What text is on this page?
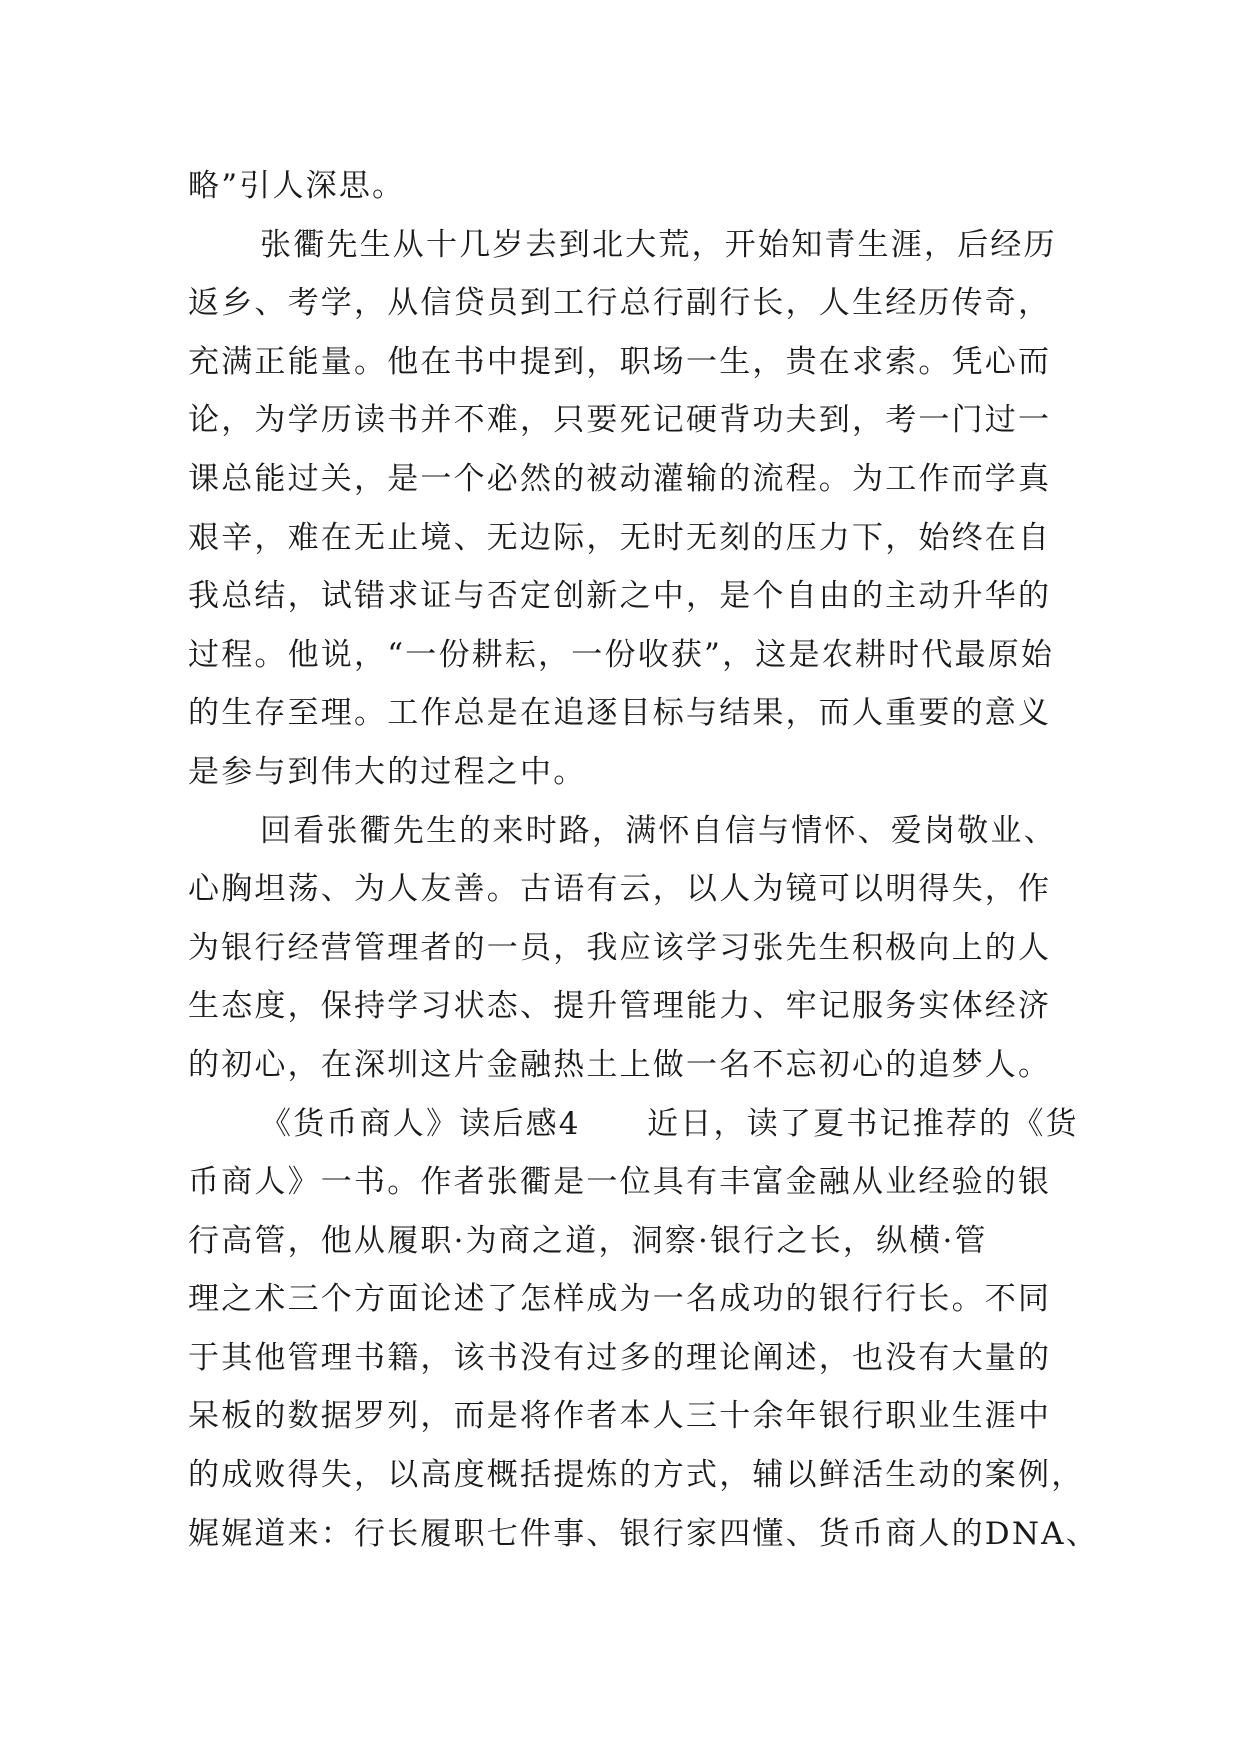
略”引人深思。
张衢先生从十几岁去到北大荒，开始知青生涯，后经历
返乡、考学，从信贷员到工行总行副行长，人生经历传奇，
充满正能量。他在书中提到，职场一生，贵在求索。凭心而
论，为学历读书并不难，只要死记硬背功夫到，考一门过一
课总能过关，是一个必然的被动灌输的流程。为工作而学真
艰辛，难在无止境、无边际，无时无刻的压力下，始终在自
我总结，试错求证与否定创新之中，是个自由的主动升华的
过程。他说，“一份耕耘，一份收获”，这是农耕时代最原始
的生存至理。工作总是在追逐目标与结果，而人重要的意义
是参与到伟大的过程之中。
回看张衢先生的来时路，满怀自信与情怀、爱岗敬业、
心胸坦荡、为人友善。古语有云，以人为镜可以明得失，作
为银行经营管理者的一员，我应该学习张先生积极向上的人
生态度，保持学习状态、提升管理能力、牢记服务实体经济
的初心，在深圳这片金融热土上做一名不忘初心的追梦人。
《货币商人》读后感4　　近日，读了夏书记推荐的《货
币商人》一书。作者张衢是一位具有丰富金融从业经验的银
行高管，他从履职·为商之道，洞察·银行之长，纵横·管
理之术三个方面论述了怎样成为一名成功的银行行长。不同
于其他管理书籍，该书没有过多的理论阐述，也没有大量的
呆板的数据罗列，而是将作者本人三十余年银行职业生涯中
的成败得失，以高度概括提炼的方式，辅以鲜活生动的案例，
娓娓道来：行长履职七件事、银行家四懂、货币商人的DNA、
